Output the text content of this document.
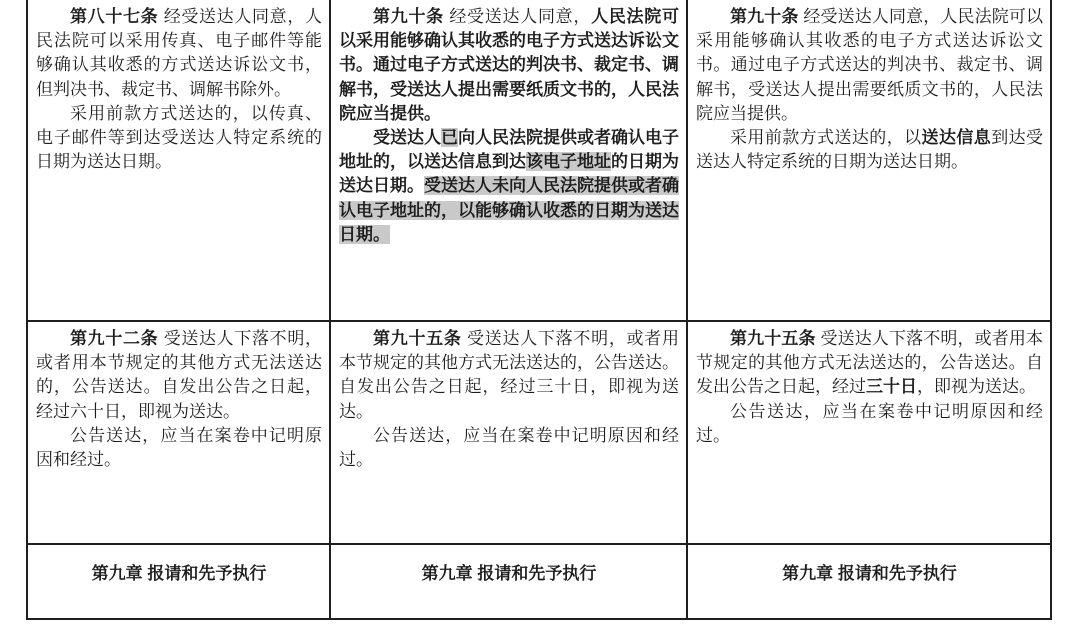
第八十七条 经受送达人同意，人民法院可以采用传真、电子邮件等能够确认其收悉的方式送达诉讼文书，但判决书、裁定书、调解书除外。

采用前款方式送达的，以传真、电子邮件等到达受送达人特定系统的日期为送达日期。

第九十条 经受送达人同意，人民法院可以采用能够确认其收悉的电子方式送达诉讼文书。通过电子方式送达的判决书、裁定书、调解书，受送达人提出需要纸质文书的，人民法院应当提供。

受送达人已向人民法院提供或者确认电子地址的，以送达信息到达该电子地址的日期为送达日期。受送达人未向人民法院提供或者确认电子地址的，以能够确认收悉的日期为送达日期。

第九十条 经受送达人同意，人民法院可以采用能够确认其收悉的电子方式送达诉讼文书。通过电子方式送达的判决书、裁定书、调解书，受送达人提出需要纸质文书的，人民法院应当提供。

采用前款方式送达的，以送达信息到达受送达人特定系统的日期为送达日期。

第九十二条 受送达人下落不明，或者用本节规定的其他方式无法送达的，公告送达。自发出公告之日起，经过六十日，即视为送达。

公告送达，应当在案卷中记明原因和经过。

第九十五条 受送达人下落不明，或者用本节规定的其他方式无法送达的，公告送达。自发出公告之日起，经过三十日，即视为送达。

公告送达，应当在案卷中记明原因和经过。

第九十五条 受送达人下落不明，或者用本节规定的其他方式无法送达的，公告送达。自发出公告之日起，经过三十日，即视为送达。

公告送达，应当在案卷中记明原因和经过。

第九章 报请和先予执行	第九章 报请和先予执行	第九章 报请和先予执行
